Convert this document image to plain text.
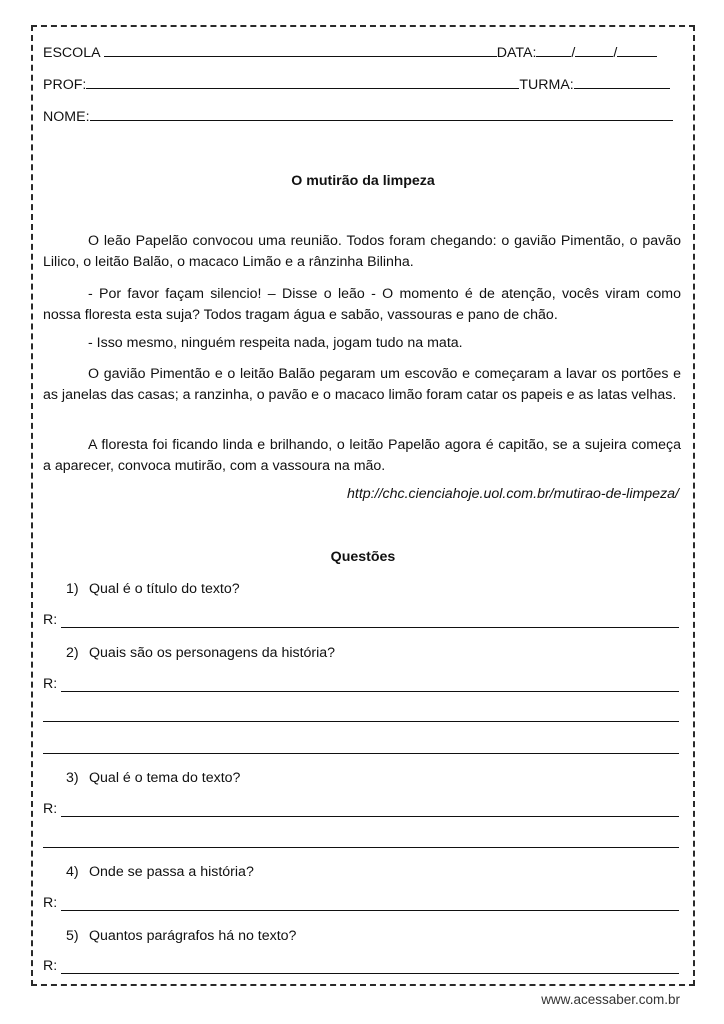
ESCOLA	DATA: /	/
PROF:	TURMA:
NOME:
O mutirão da limpeza

O leão Papelão convocou uma reunião. Todos foram chegando: o gavião Pimentão, o pavão Lilico, o leitão Balão, o macaco Limão e a rânzinha Bilinha.

- Por favor façam silencio! – Disse o leão - O momento é de atenção, vocês viram como nossa floresta esta suja? Todos tragam água e sabão, vassouras e pano de chão.

- Isso mesmo, ninguém respeita nada, jogam tudo na mata.

O gavião Pimentão e o leitão Balão pegaram um escovão e começaram a lavar os portões e as janelas das casas; a ranzinha, o pavão e o macaco limão foram catar os papeis e as latas velhas.

A floresta foi ficando linda e brilhando, o leitão Papelão agora é capitão, se a sujeira começa a aparecer, convoca mutirão, com a vassoura na mão.

http://chc.cienciahoje.uol.com.br/mutirao-de-limpeza/
Questões
1) Qual é o título do texto?
R:
2) Quais são os personagens da história?
R:
3) Qual é o tema do texto?
R:
4) Onde se passa a história?
R:
5) Quantos parágrafos há no texto?
R:
www.acessaber.com.br
